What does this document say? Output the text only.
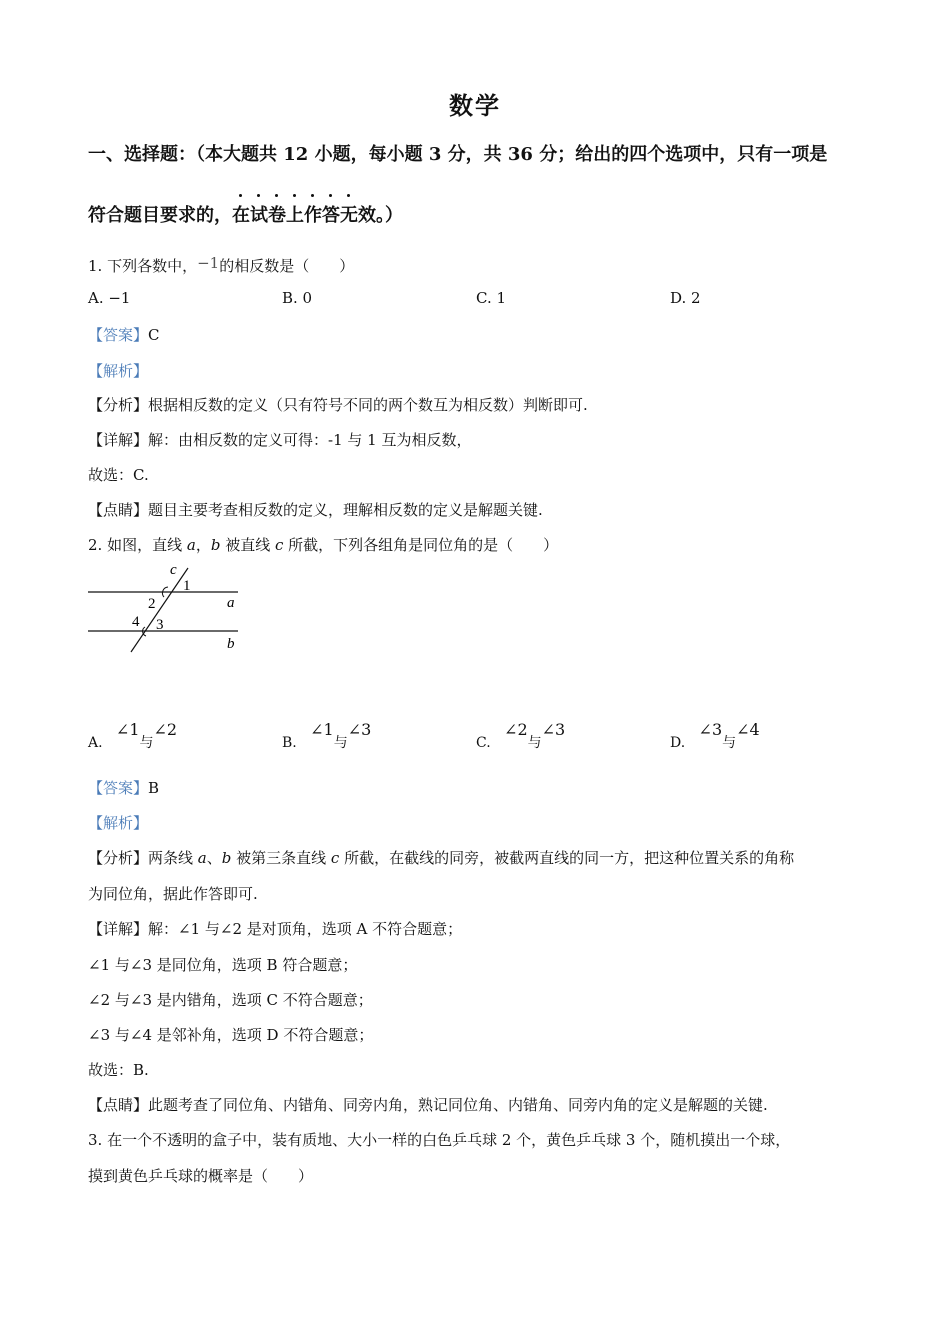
数学
一、选择题：（本大题共 12 小题，每小题 3 分，共 36 分；给出的四个选项中，只有一项是
符合题目要求的，在试卷上作答无效
。）
1. 下列各数中，−1的相反数是（　　）
A. −1	B. 0	C. 1	D. 2
【答案】C
【解析】
【分析】根据相反数的定义（只有符号不同的两个数互为相反数）判断即可.
【详解】解：由相反数的定义可得：-1 与 1 互为相反数，
故选：C.
【点睛】题目主要考查相反数的定义，理解相反数的定义是解题关键.
2. 如图，直线 a，b 被直线 c 所截，下列各组角是同位角的是（　　）
c
1
a
2
4 3
b
A.   ∠1与∠2
B.   ∠1与∠3
C.   ∠2与∠3
D.   ∠3与∠4
【答案】B
【解析】
【分析】两条线 a、b 被第三条直线 c 所截，在截线的同旁，被截两直线的同一方，把这种位置关系的角称
为同位角，据此作答即可.
【详解】解：∠1 与∠2 是对顶角，选项 A 不符合题意；
∠1 与∠3 是同位角，选项 B 符合题意；
∠2 与∠3 是内错角，选项 C 不符合题意；
∠3 与∠4 是邻补角，选项 D 不符合题意；
故选：B.
【点睛】此题考查了同位角、内错角、同旁内角，熟记同位角、内错角、同旁内角的定义是解题的关键.
3. 在一个不透明的盒子中，装有质地、大小一样的白色乒乓球 2 个，黄色乒乓球 3 个，随机摸出一个球，
摸到黄色乒乓球的概率是（　　）
